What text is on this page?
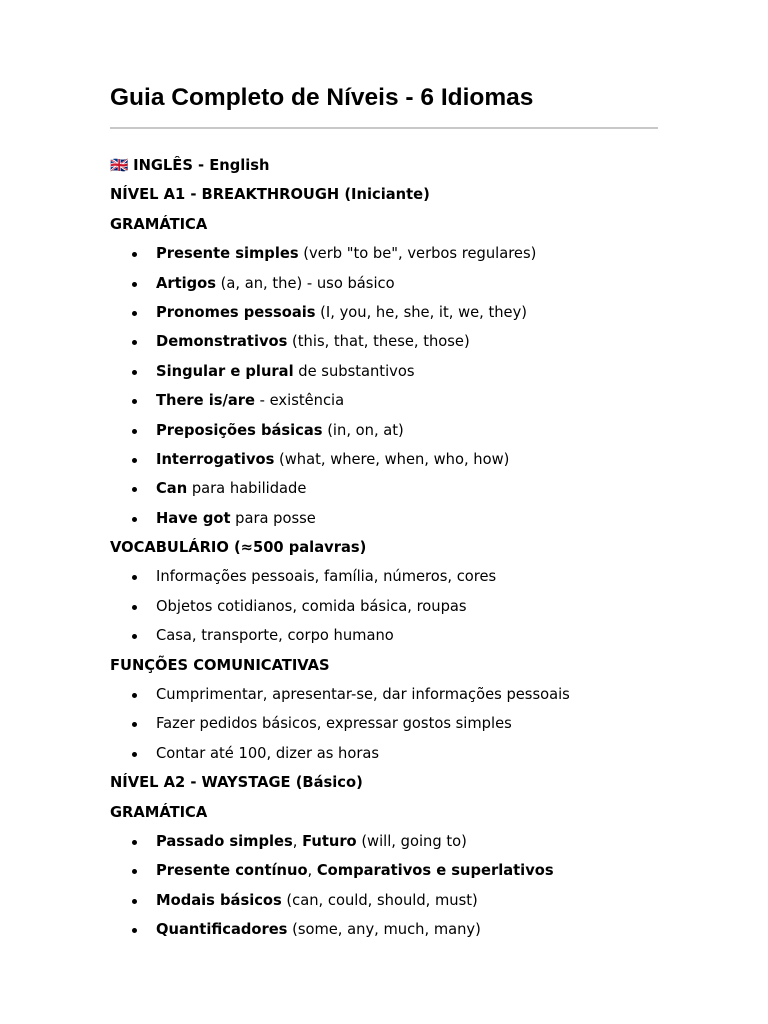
Guia Completo de Níveis - 6 Idiomas
🇬🇧 INGLÊS - English
NÍVEL A1 - BREAKTHROUGH (Iniciante)
GRAMÁTICA
Presente simples (verb "to be", verbos regulares)
Artigos (a, an, the) - uso básico
Pronomes pessoais (I, you, he, she, it, we, they)
Demonstrativos (this, that, these, those)
Singular e plural de substantivos
There is/are - existência
Preposições básicas (in, on, at)
Interrogativos (what, where, when, who, how)
Can para habilidade
Have got para posse
VOCABULÁRIO (≈500 palavras)
Informações pessoais, família, números, cores
Objetos cotidianos, comida básica, roupas
Casa, transporte, corpo humano
FUNÇÕES COMUNICATIVAS
Cumprimentar, apresentar-se, dar informações pessoais
Fazer pedidos básicos, expressar gostos simples
Contar até 100, dizer as horas
NÍVEL A2 - WAYSTAGE (Básico)
GRAMÁTICA
Passado simples, Futuro (will, going to)
Presente contínuo, Comparativos e superlativos
Modais básicos (can, could, should, must)
Quantificadores (some, any, much, many)
